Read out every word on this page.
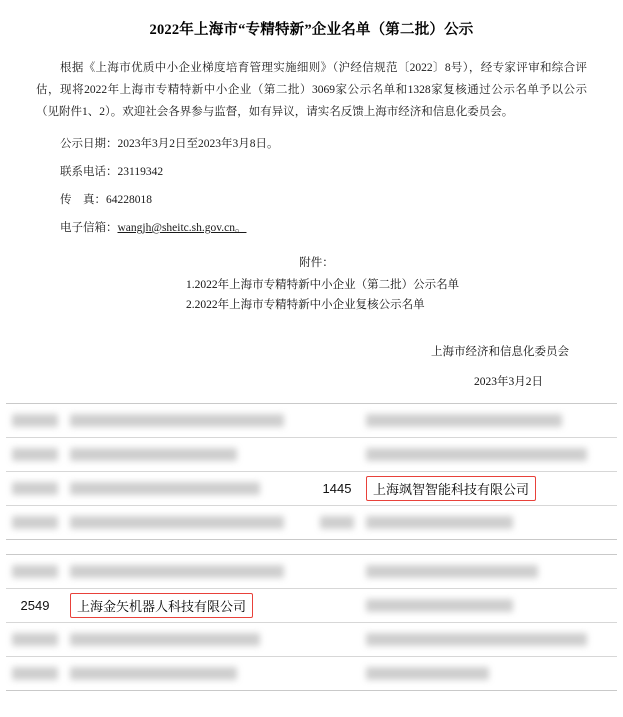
2022年上海市“专精特新”企业名单（第二批）公示

根据《上海市优质中小企业梯度培育管理实施细则》（沪经信规范〔2022〕8号），经专家评审和综合评估，现将2022年上海市专精特新中小企业（第二批）3069家公示名单和1328家复核通过公示名单予以公示（见附件1、2）。欢迎社会各界参与监督，如有异议，请实名反馈上海市经济和信息化委员会。

公示日期：2023年3月2日至2023年3月8日。

联系电话：23119342

传　真：64228018

电子信箱：wangjh@sheitc.sh.gov.cn。

附件：

1.2022年上海市专精特新中小企业（第二批）公示名单

2.2022年上海市专精特新中小企业复核公示名单

上海市经济和信息化委员会
2023年3月2日
1445	上海飒智智能科技有限公司
2549	上海金矢机器人科技有限公司
